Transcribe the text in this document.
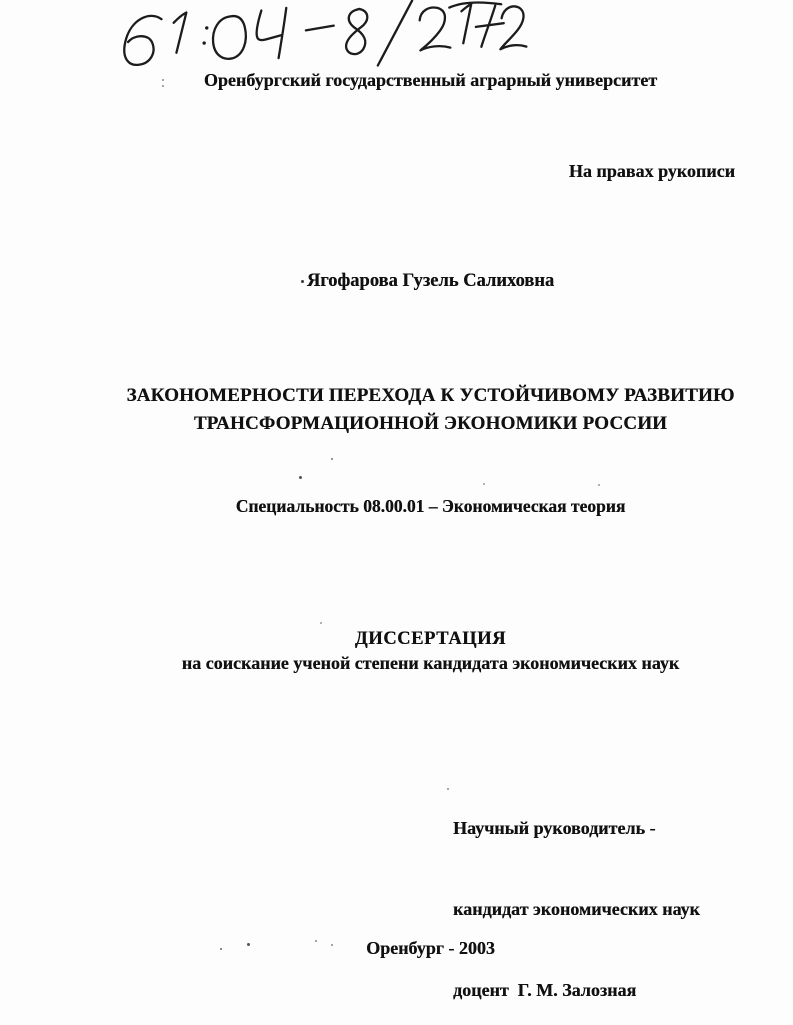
Оренбургский государственный аграрный университет
На правах рукописи
Ягофарова Гузель Салиховна
ЗАКОНОМЕРНОСТИ ПЕРЕХОДА К УСТОЙЧИВОМУ РАЗВИТИЮ
ТРАНСФОРМАЦИОННОЙ ЭКОНОМИКИ РОССИИ
Специальность 08.00.01 – Экономическая теория
ДИССЕРТАЦИЯ
на соискание ученой степени кандидата экономических наук

Научный руководитель -

кандидат экономических наук

доцент  Г. М. Залозная

Оренбург - 2003
